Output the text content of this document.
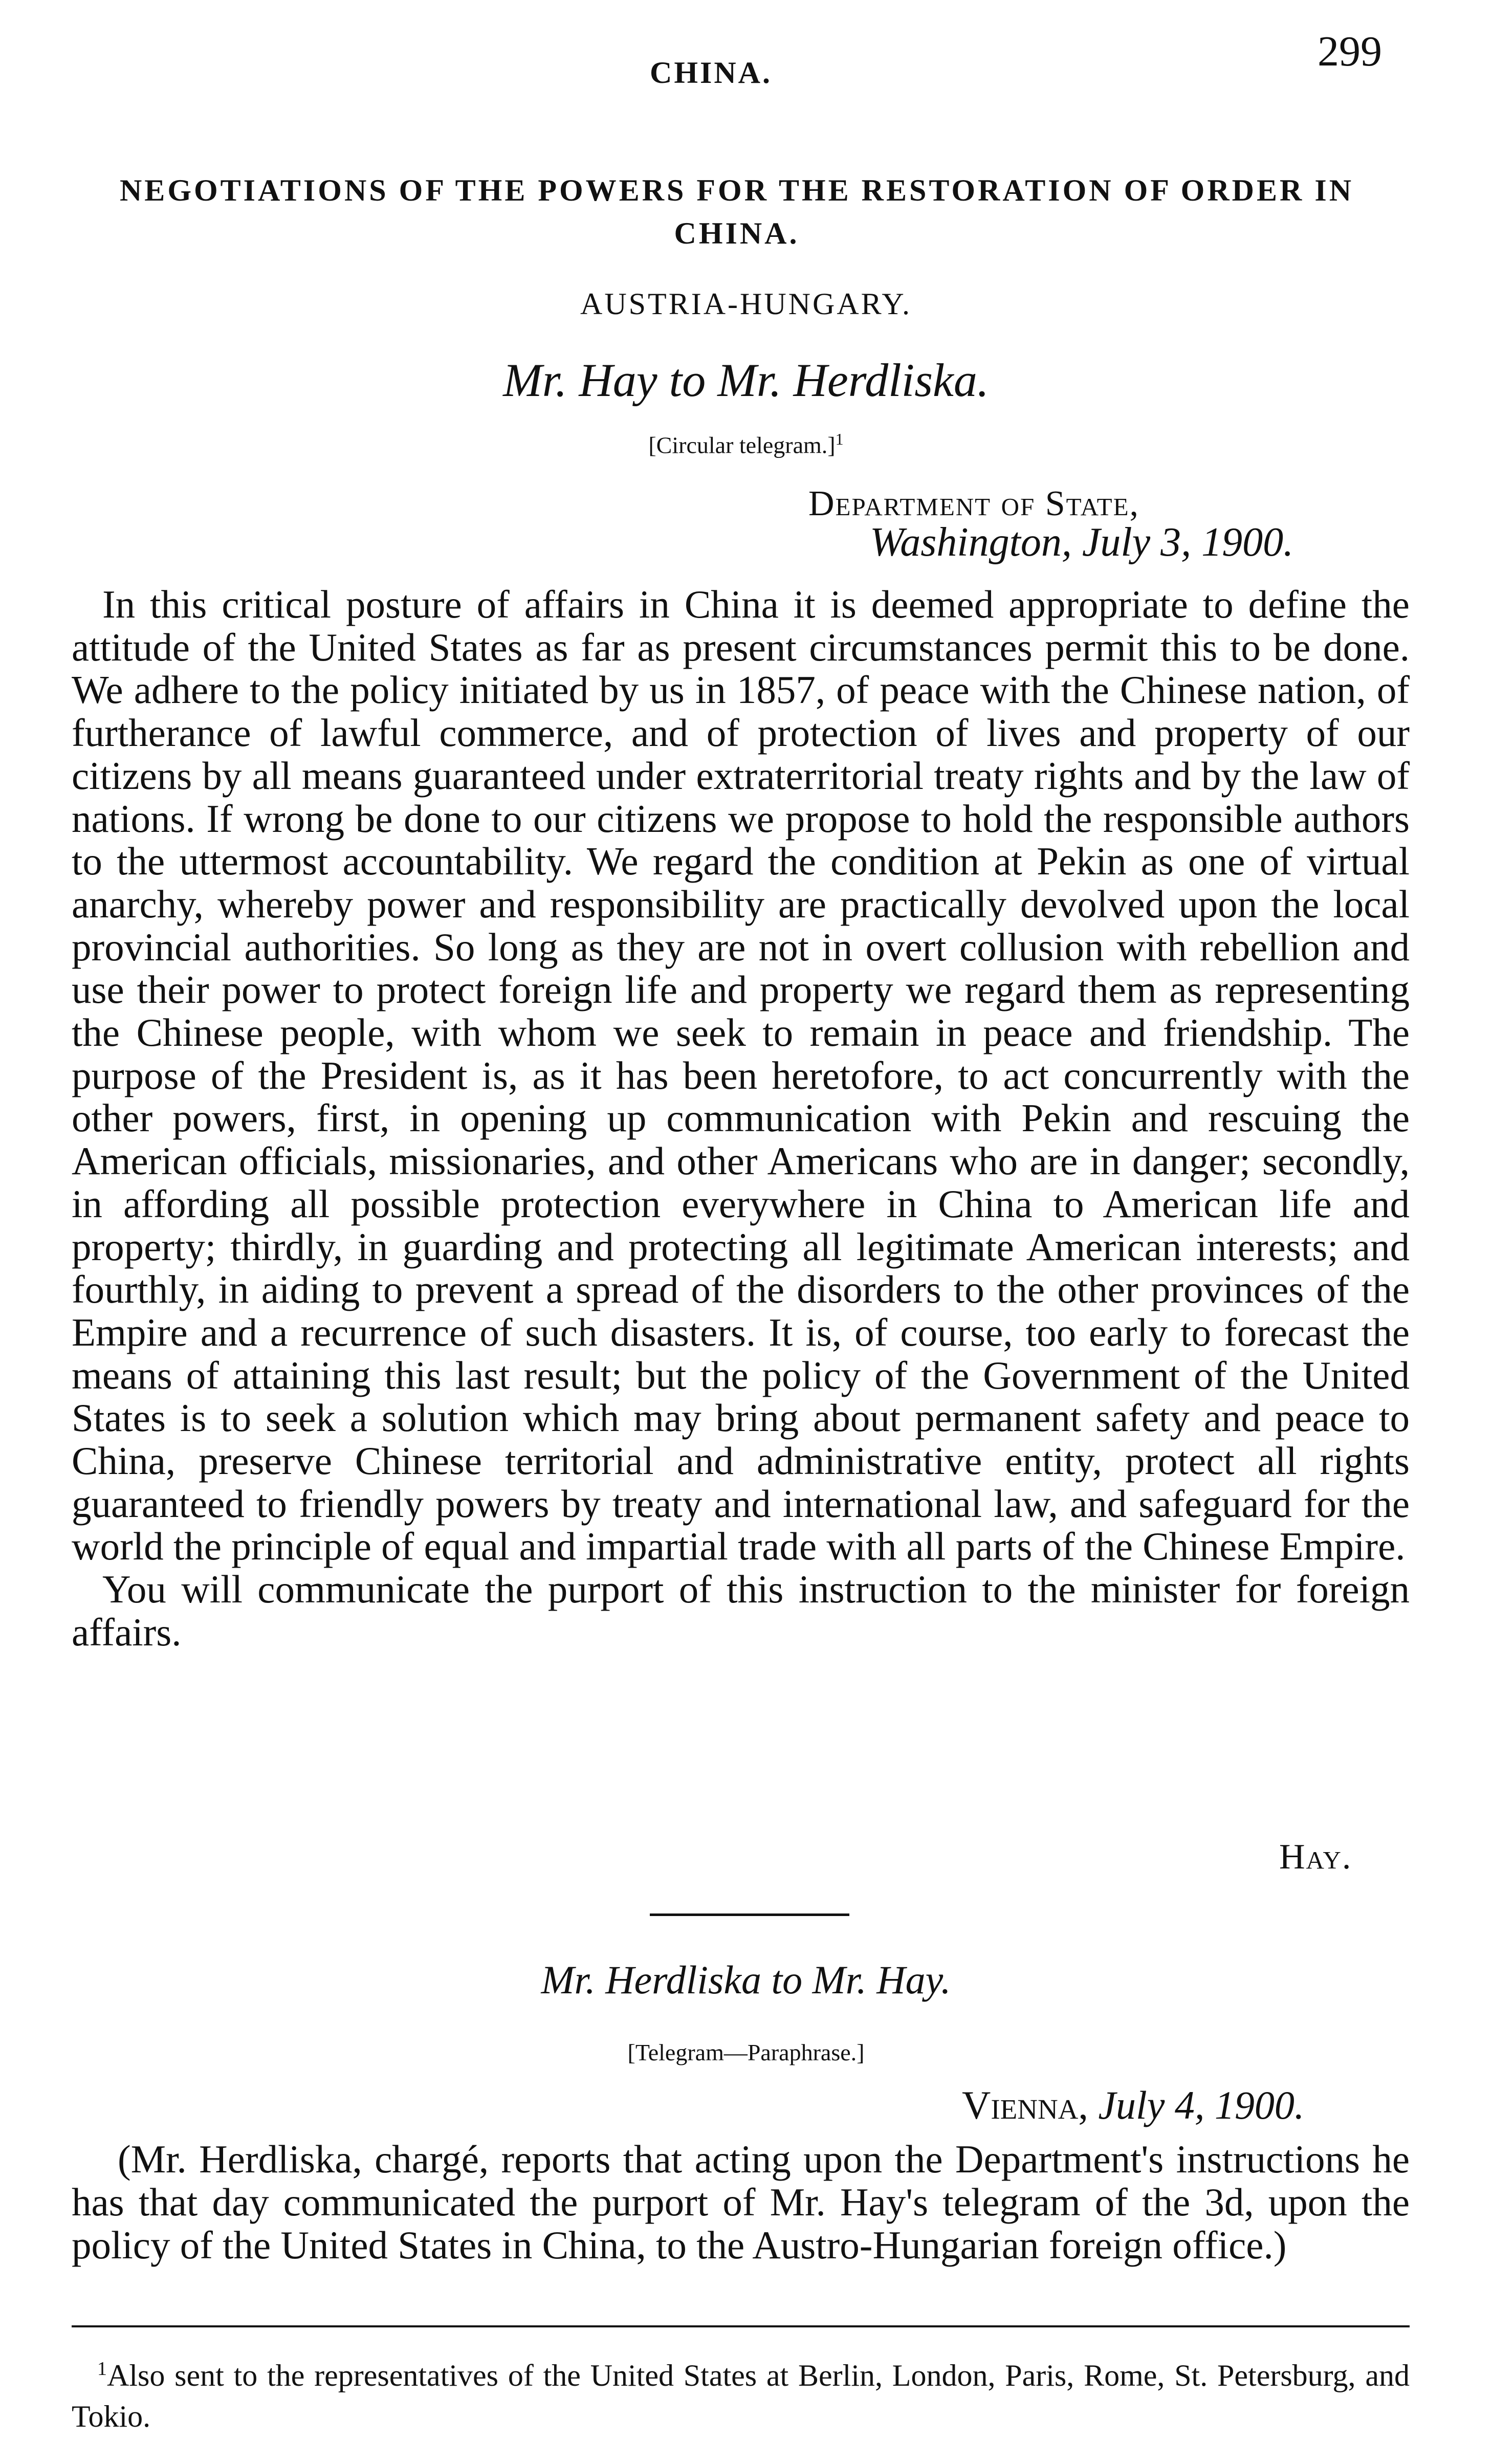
CHINA.	299
NEGOTIATIONS OF THE POWERS FOR THE RESTORATION OF ORDER IN CHINA.
AUSTRIA-HUNGARY.
Mr. Hay to Mr. Herdliska.
[Circular telegram.]$^1$
Department of State,
Washington, July 3, 1900.

In this critical posture of affairs in China it is deemed appropriate to define the attitude of the United States as far as present circumstances permit this to be done. We adhere to the policy initiated by us in 1857, of peace with the Chinese nation, of furtherance of lawful commerce, and of protection of lives and property of our citizens by all means guaranteed under extraterritorial treaty rights and by the law of nations. If wrong be done to our citizens we propose to hold the responsible authors to the uttermost accountability. We regard the condition at Pekin as one of virtual anarchy, whereby power and responsibility are practically devolved upon the local provincial authorities. So long as they are not in overt collusion with rebellion and use their power to protect foreign life and property we regard them as representing the Chinese people, with whom we seek to remain in peace and friendship. The purpose of the President is, as it has been heretofore, to act concurrently with the other powers, first, in opening up communication with Pekin and rescuing the American officials, missionaries, and other Americans who are in danger; secondly, in affording all possible protection everywhere in China to American life and property; thirdly, in guarding and protecting all legitimate American interests; and fourthly, in aiding to prevent a spread of the disorders to the other provinces of the Empire and a recurrence of such disasters. It is, of course, too early to forecast the means of attaining this last result; but the policy of the Government of the United States is to seek a solution which may bring about permanent safety and peace to China, preserve Chinese territorial and administrative entity, protect all rights guaranteed to friendly powers by treaty and international law, and safeguard for the world the principle of equal and impartial trade with all parts of the Chinese Empire.

You will communicate the purport of this instruction to the minister for foreign affairs.

Hay.
Mr. Herdliska to Mr. Hay.
[Telegram—Paraphrase.]
Vienna, July 4, 1900.
(Mr. Herdliska, chargé, reports that acting upon the Department's instructions he has that day communicated the purport of Mr. Hay's telegram of the 3d, upon the policy of the United States in China, to the Austro-Hungarian foreign office.)
$^1$Also sent to the representatives of the United States at Berlin, London, Paris, Rome, St. Petersburg, and Tokio.
